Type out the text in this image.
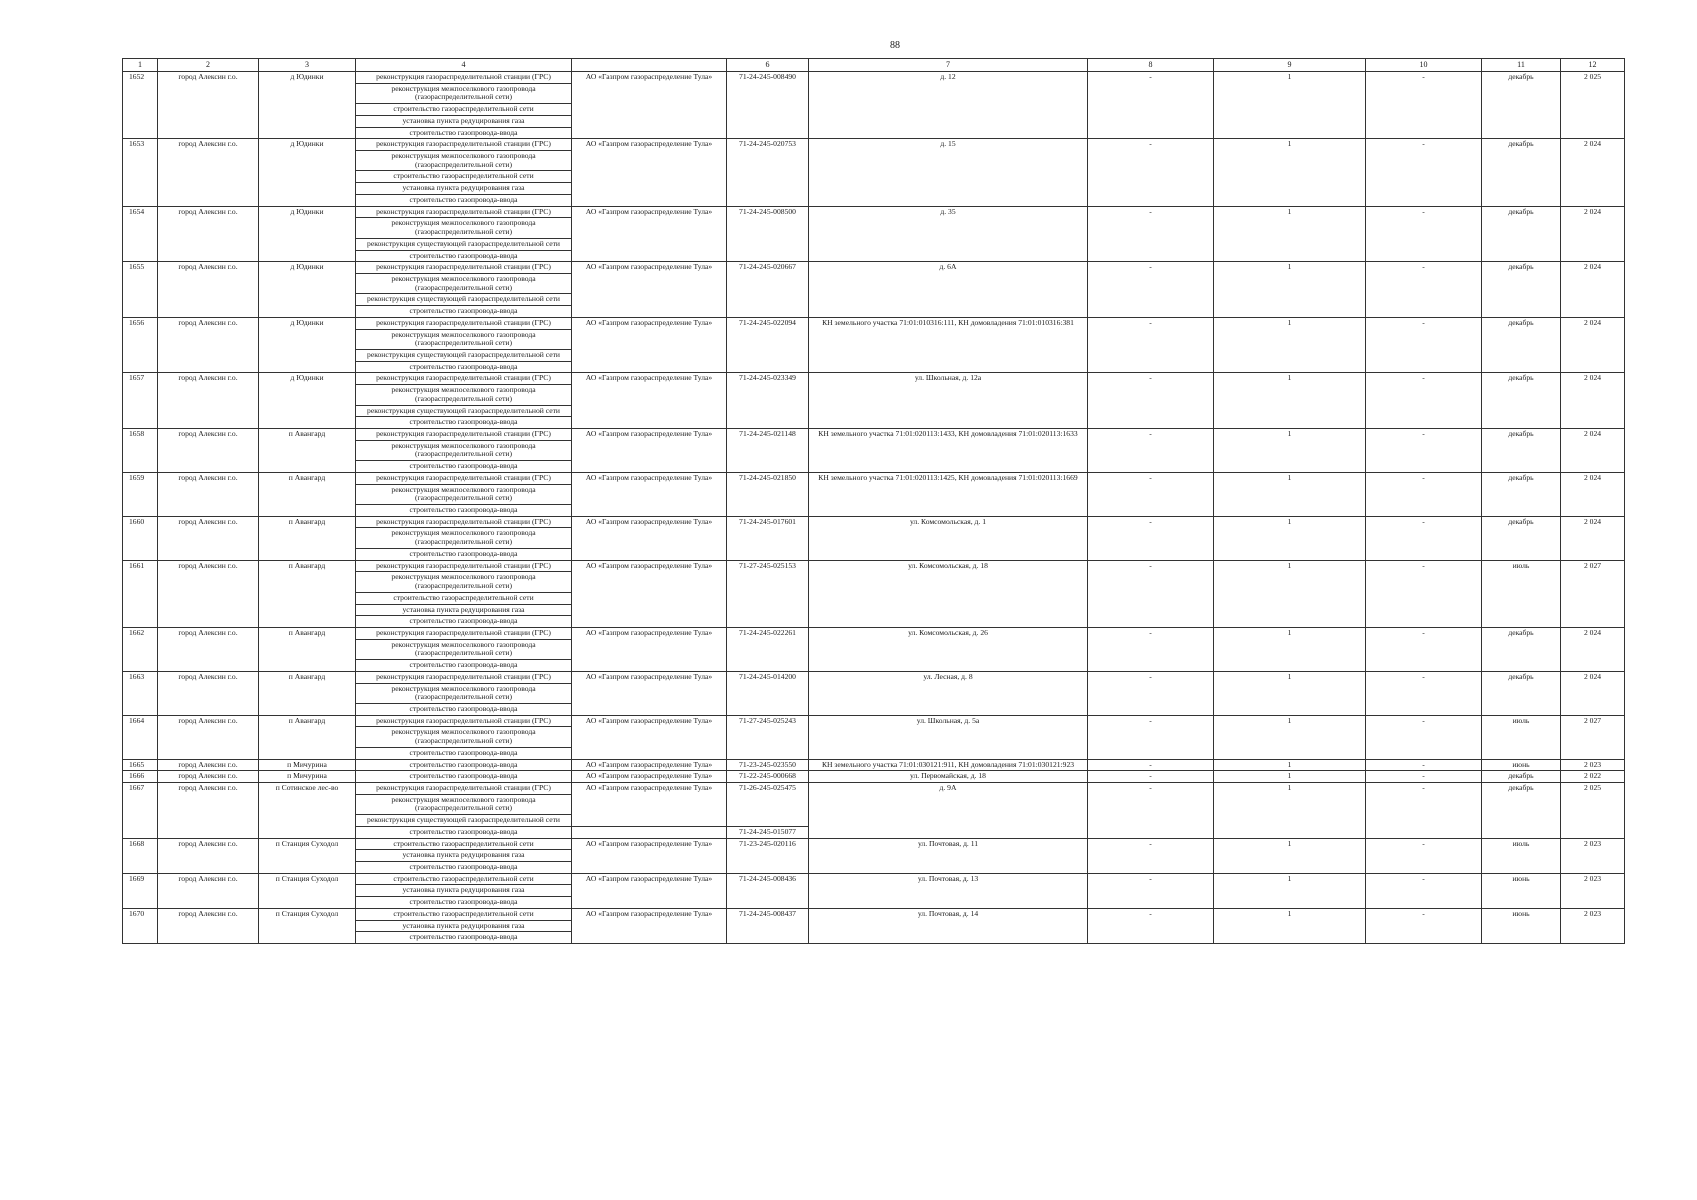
88
1	2	3	4		6	7	8	9	10	11	12
1652	город Алексин г.о.	д Юдинки	реконструкция газораспределительной станции (ГРС)	АО «Газпром газораспределение Тула»	71-24-245-008490	д. 12	-	1	-	декабрь	2 025
			реконструкция межпоселкового газопровода (газораспределительной сети)								
			строительство газораспределительной сети								
			установка пункта редуцирования газа								
			строительство газопровода-ввода								
1653	город Алексин г.о.	д Юдинки	реконструкция газораспределительной станции (ГРС)	АО «Газпром газораспределение Тула»	71-24-245-020753	д. 15	-	1	-	декабрь	2 024
			реконструкция межпоселкового газопровода (газораспределительной сети)								
			строительство газораспределительной сети								
			установка пункта редуцирования газа								
			строительство газопровода-ввода								
1654	город Алексин г.о.	д Юдинки	реконструкция газораспределительной станции (ГРС)	АО «Газпром газораспределение Тула»	71-24-245-008500	д. 35	-	1	-	декабрь	2 024
			реконструкция межпоселкового газопровода (газораспределительной сети)								
			реконструкция существующей газораспределительной сети								
			строительство газопровода-ввода								
1655	город Алексин г.о.	д Юдинки	реконструкция газораспределительной станции (ГРС)	АО «Газпром газораспределение Тула»	71-24-245-020667	д. 6А	-	1	-	декабрь	2 024
			реконструкция межпоселкового газопровода (газораспределительной сети)								
			реконструкция существующей газораспределительной сети								
			строительство газопровода-ввода								
1656	город Алексин г.о.	д Юдинки	реконструкция газораспределительной станции (ГРС)	АО «Газпром газораспределение Тула»	71-24-245-022094	КН земельного участка 71:01:010316:111, КН домовладения 71:01:010316:381	-	1	-	декабрь	2 024
			реконструкция межпоселкового газопровода (газораспределительной сети)								
			реконструкция существующей газораспределительной сети								
			строительство газопровода-ввода								
1657	город Алексин г.о.	д Юдинки	реконструкция газораспределительной станции (ГРС)	АО «Газпром газораспределение Тула»	71-24-245-023349	ул. Школьная, д. 12а	-	1	-	декабрь	2 024
			реконструкция межпоселкового газопровода (газораспределительной сети)								
			реконструкция существующей газораспределительной сети								
			строительство газопровода-ввода								
1658	город Алексин г.о.	п Авангард	реконструкция газораспределительной станции (ГРС)	АО «Газпром газораспределение Тула»	71-24-245-021148	КН земельного участка 71:01:020113:1433, КН домовладения 71:01:020113:1633	-	1	-	декабрь	2 024
			реконструкция межпоселкового газопровода (газораспределительной сети)								
			строительство газопровода-ввода								
1659	город Алексин г.о.	п Авангард	реконструкция газораспределительной станции (ГРС)	АО «Газпром газораспределение Тула»	71-24-245-021850	КН земельного участка 71:01:020113:1425, КН домовладения 71:01:020113:1669	-	1	-	декабрь	2 024
			реконструкция межпоселкового газопровода (газораспределительной сети)								
			строительство газопровода-ввода								
1660	город Алексин г.о.	п Авангард	реконструкция газораспределительной станции (ГРС)	АО «Газпром газораспределение Тула»	71-24-245-017601	ул. Комсомольская, д. 1	-	1	-	декабрь	2 024
			реконструкция межпоселкового газопровода (газораспределительной сети)								
			строительство газопровода-ввода								
1661	город Алексин г.о.	п Авангард	реконструкция газораспределительной станции (ГРС)	АО «Газпром газораспределение Тула»	71-27-245-025153	ул. Комсомольская, д. 18	-	1	-	июль	2 027
			реконструкция межпоселкового газопровода (газораспределительной сети)								
			строительство газораспределительной сети								
			установка пункта редуцирования газа								
			строительство газопровода-ввода								
1662	город Алексин г.о.	п Авангард	реконструкция газораспределительной станции (ГРС)	АО «Газпром газораспределение Тула»	71-24-245-022261	ул. Комсомольская, д. 26	-	1	-	декабрь	2 024
			реконструкция межпоселкового газопровода (газораспределительной сети)								
			строительство газопровода-ввода								
1663	город Алексин г.о.	п Авангард	реконструкция газораспределительной станции (ГРС)	АО «Газпром газораспределение Тула»	71-24-245-014200	ул. Лесная, д. 8	-	1	-	декабрь	2 024
			реконструкция межпоселкового газопровода (газораспределительной сети)								
			строительство газопровода-ввода								
1664	город Алексин г.о.	п Авангард	реконструкция газораспределительной станции (ГРС)	АО «Газпром газораспределение Тула»	71-27-245-025243	ул. Школьная, д. 5а	-	1	-	июль	2 027
			реконструкция межпоселкового газопровода (газораспределительной сети)								
			строительство газопровода-ввода								
1665	город Алексин г.о.	п Мичурина	строительство газопровода-ввода	АО «Газпром газораспределение Тула»	71-23-245-023550	КН земельного участка 71:01:030121:911, КН домовладения 71:01:030121:923	-	1	-	июнь	2 023
1666	город Алексин г.о.	п Мичурина	строительство газопровода-ввода	АО «Газпром газораспределение Тула»	71-22-245-000668	ул. Первомайская, д. 18	-	1	-	декабрь	2 022
1667	город Алексин г.о.	п Сотинское лес-во	реконструкция газораспределительной станции (ГРС)	АО «Газпром газораспределение Тула»	71-26-245-025475	д. 9А	-	1	-	декабрь	2 025
			реконструкция межпоселкового газопровода (газораспределительной сети)								
			реконструкция существующей газораспределительной сети								
			строительство газопровода-ввода		71-24-245-015077						
1668	город Алексин г.о.	п Станция Суходол	строительство газораспределительной сети	АО «Газпром газораспределение Тула»	71-23-245-020116	ул. Почтовая, д. 11	-	1	-	июль	2 023
			установка пункта редуцирования газа								
			строительство газопровода-ввода								
1669	город Алексин г.о.	п Станция Суходол	строительство газораспределительной сети	АО «Газпром газораспределение Тула»	71-24-245-008436	ул. Почтовая, д. 13	-	1	-	июнь	2 023
			установка пункта редуцирования газа								
			строительство газопровода-ввода								
1670	город Алексин г.о.	п Станция Суходол	строительство газораспределительной сети	АО «Газпром газораспределение Тула»	71-24-245-008437	ул. Почтовая, д. 14	-	1	-	июнь	2 023
			установка пункта редуцирования газа								
			строительство газопровода-ввода								
